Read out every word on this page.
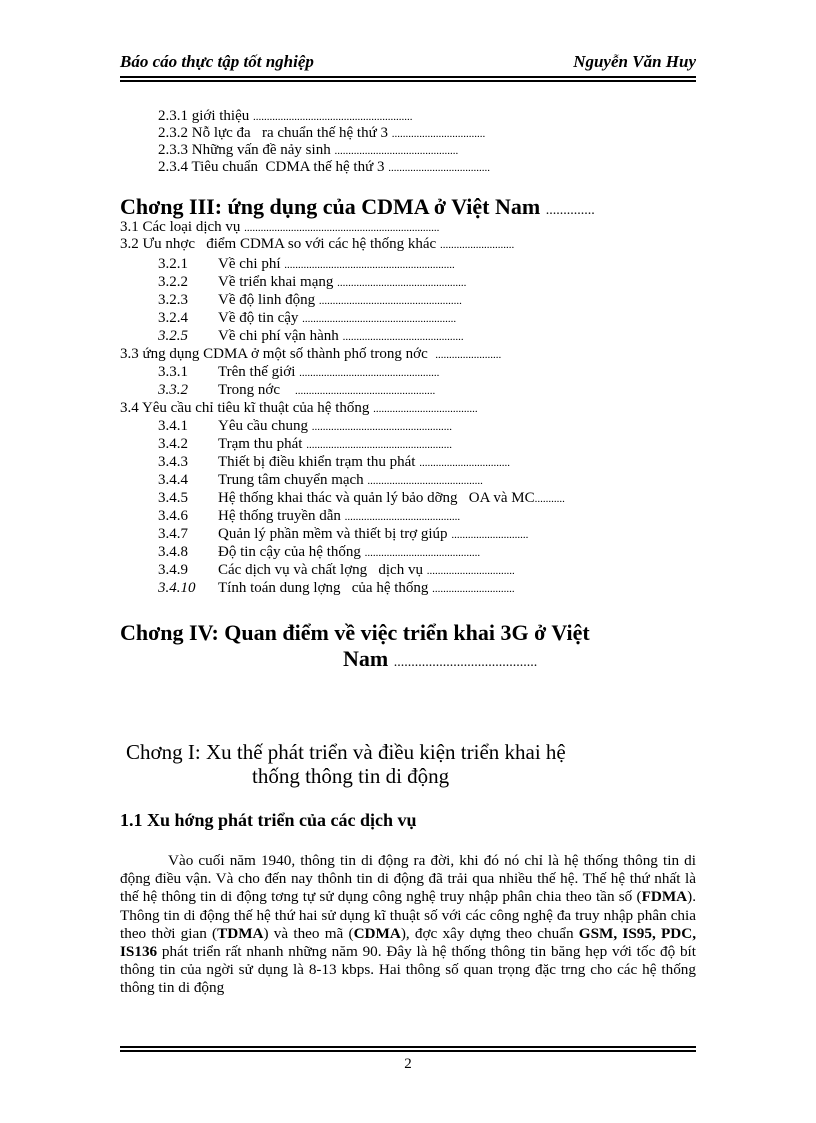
Báo cáo thực tập tốt nghiệp	Nguyễn Văn Huy
2.3.1 giới thiệu ..........................................................
2.3.2 Nỗ lực đa   ra chuẩn thế hệ thứ 3 ..................................
2.3.3 Những vấn đề nảy sinh .............................................
2.3.4 Tiêu chuẩn  CDMA thế hệ thứ 3 .....................................
3.1 Các loại dịch vụ .......................................................................
3.2 Ưu nhợc   điểm CDMA so với các hệ thống khác ...........................
3.2.1 Về chi phí ..............................................................
3.2.2 Về triển khai mạng ...............................................
3.2.3 Về độ linh động ....................................................
3.2.4 Về độ tin cậy ........................................................
3.2.5 Về chi phí vận hành ............................................
3.3 ứng dụng CDMA ở một số thành phố trong nớc  ........................
3.3.1 Trên thế giới ...................................................
3.3.2 Trong nớc    ...................................................
3.4 Yêu cầu chỉ tiêu kĩ thuật của hệ thống ......................................
3.4.1 Yêu cầu chung ...................................................
3.4.2 Trạm thu phát .....................................................
3.4.3 Thiết bị điều khiển trạm thu phát .................................
3.4.4 Trung tâm chuyển mạch ..........................................
3.4.5 Hệ thống khai thác và quản lý bảo dỡng   OA và MC...........
3.4.6 Hệ thống truyền dẫn ..........................................
3.4.7 Quản lý phần mềm và thiết bị trợ giúp ............................
3.4.8 Độ tin cậy của hệ thống ..........................................
3.4.9 Các dịch vụ và chất lợng   dịch vụ ................................
3.4.10 Tính toán dung lợng   của hệ thống ..............................
Chơng III: ứng dụng của CDMA ở Việt Nam ..............
Chơng IV: Quan điểm về việc triển khai 3G ở Việt
Nam .........................................
Chơng I: Xu thế phát triển và điều kiện triển khai hệ
thống thông tin di động
1.1 Xu hớng phát triển của các dịch vụ
Vào cuối năm 1940, thông tin di động ra đời, khi đó nó chỉ là hệ thống thông tin di động điều vận. Và cho đến nay thônh tin di động đã trải qua nhiều thế hệ. Thế hệ thứ nhất là thế hệ thông tin di động tơng tự sử dụng công nghệ truy nhập phân chia theo tần số (FDMA). Thông tin di động thế hệ thứ hai sử dụng kĩ thuật số với các công nghệ đa truy nhập phân chia theo thời gian (TDMA) và theo mã (CDMA), đợc xây dựng theo chuẩn GSM, IS95, PDC, IS136 phát triển rất nhanh những năm 90. Đây là hệ thống thông tin băng hẹp với tốc độ bít thông tin của ngời sử dụng là 8-13 kbps. Hai thông số quan trọng đặc trng cho các hệ thống thông tin di động
2
